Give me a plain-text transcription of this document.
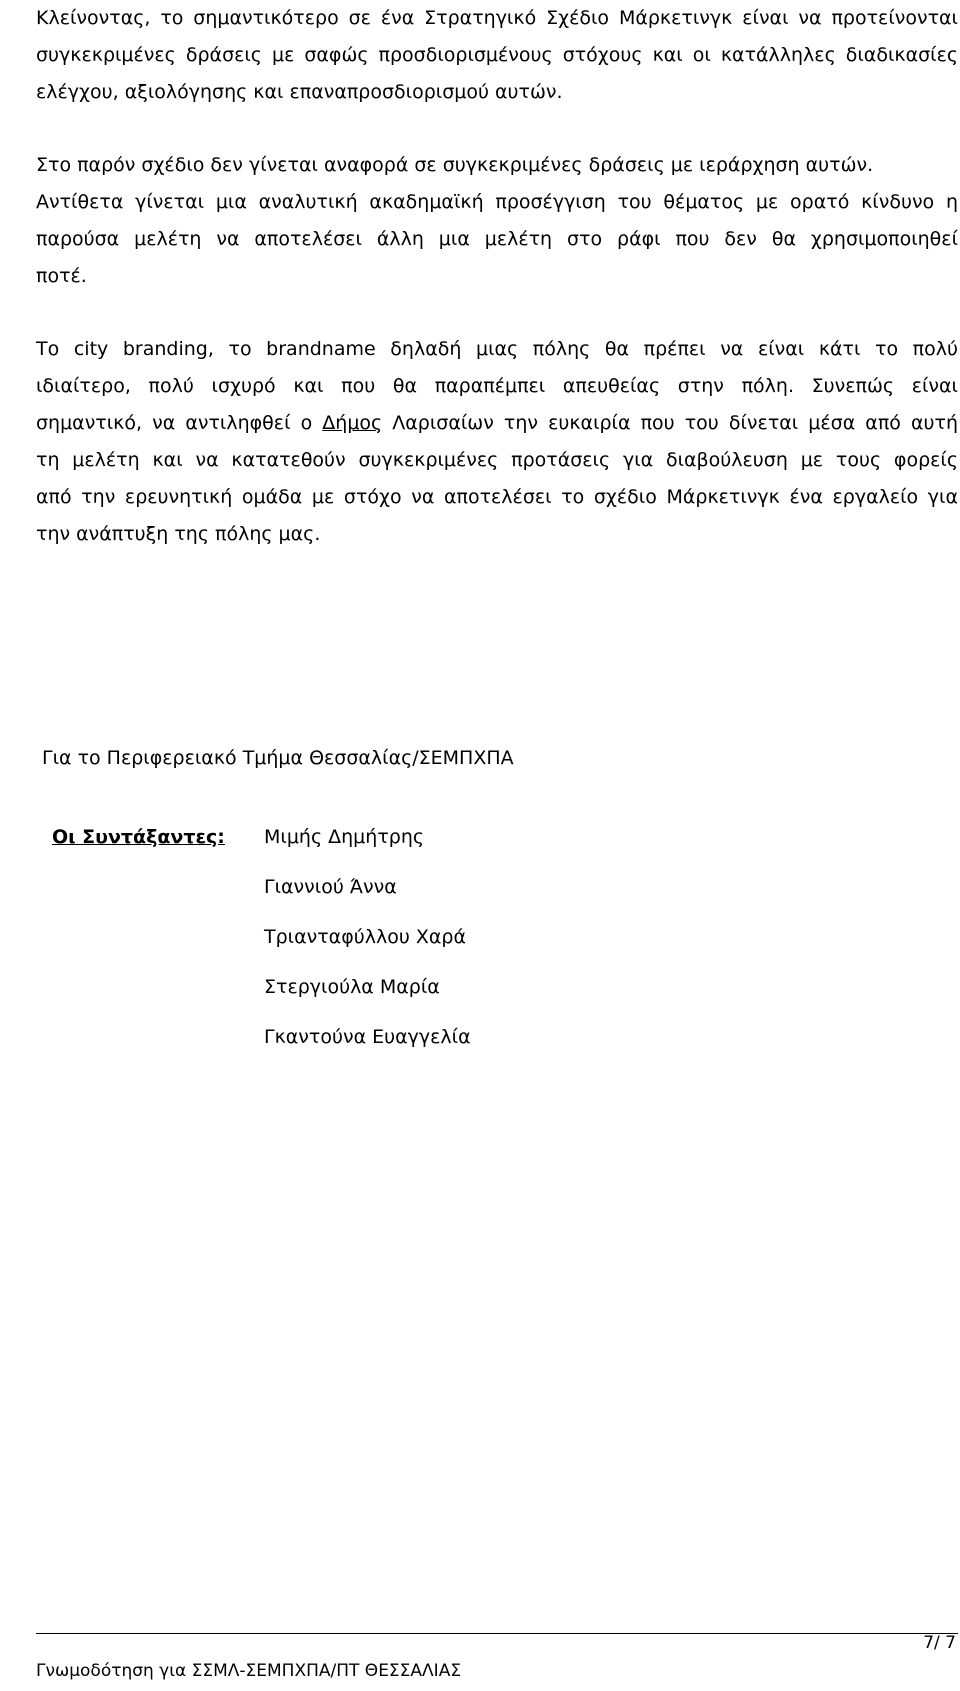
Κλείνοντας, το σημαντικότερο σε ένα Στρατηγικό Σχέδιο Μάρκετινγκ είναι να προτείνονται
συγκεκριμένες δράσεις με σαφώς προσδιορισμένους στόχους και οι κατάλληλες διαδικασίες
ελέγχου, αξιολόγησης και επαναπροσδιορισμού αυτών.

Στο παρόν σχέδιο δεν γίνεται αναφορά σε συγκεκριμένες δράσεις με ιεράρχηση αυτών.
Αντίθετα γίνεται μια αναλυτική ακαδημαϊκή προσέγγιση του θέματος με ορατό κίνδυνο η
παρούσα μελέτη να αποτελέσει άλλη μια μελέτη στο ράφι που δεν θα χρησιμοποιηθεί
ποτέ.

Το city branding, το brandname δηλαδή μιας πόλης θα πρέπει να είναι κάτι το πολύ
ιδιαίτερο, πολύ ισχυρό και που θα παραπέμπει απευθείας στην πόλη. Συνεπώς είναι
σημαντικό, να αντιληφθεί ο Δήμος Λαρισαίων την ευκαιρία που του δίνεται μέσα από αυτή
τη μελέτη και να κατατεθούν συγκεκριμένες προτάσεις για διαβούλευση με τους φορείς
από την ερευνητική ομάδα με στόχο να αποτελέσει το σχέδιο Μάρκετινγκ ένα εργαλείο για
την ανάπτυξη της πόλης μας.

Για το Περιφερειακό Τμήμα Θεσσαλίας/ΣΕΜΠΧΠΑ
Οι Συντάξαντες: Μιμής Δημήτρης
Γιαννιού Άννα
Τριανταφύλλου Χαρά
Στεργιούλα Μαρία
Γκαντούνα Ευαγγελία
7/ 7
Γνωμοδότηση για ΣΣΜΛ-ΣΕΜΠΧΠΑ/ΠΤ ΘΕΣΣΑΛΙΑΣ
